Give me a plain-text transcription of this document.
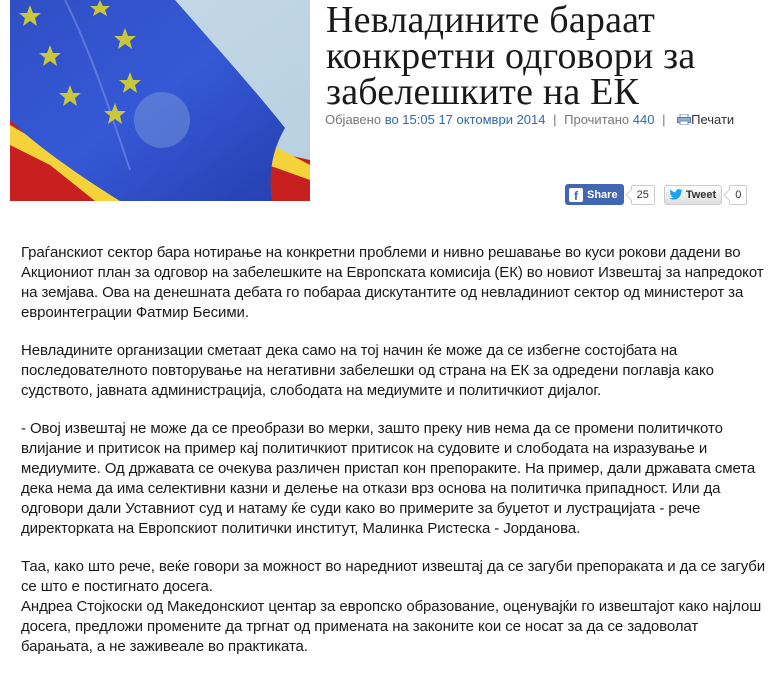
Невладините бараат конкретни одговори за забелешките на ЕК
Објавено во 15:05 17 октомври 2014 | Прочитано 440 | Печати
f Share	25	Tweet	0

Граѓанскиот сектор бара нотирање на конкретни проблеми и нивно решавање во куси рокови дадени во Акциониот план за одговор на забелешките на Европската комисија (ЕК) во новиот Извештај за напредокот на земјава. Ова на денешната дебата го побараа дискутантите од невладиниот сектор од министерот за евроинтеграции Фатмир Бесими.

Невладините организации сметаат дека само на тој начин ќе може да се избегне состојбата на последователното повторување на негативни забелешки од страна на ЕК за одредени поглавја како судството, јавната администрација, слободата на медиумите и политичкиот дијалог.

- Овој извештај не може да се преобрази во мерки, зашто преку нив нема да се промени политичкото влијание и притисок на пример кај политичкиот притисок на судовите и слободата на изразување и медиумите. Од државата се очекува различен пристап кон препораките. На пример, дали државата смета дека нема да има селективни казни и делење на откази врз основа на политичка припадност. Или да одговори дали Уставниот суд и натаму ќе суди како во примерите за буџетот и лустрацијата - рече директорката на Европскиот политички институт, Малинка Ристеска - Јорданова.

Таа, како што рече, веќе говори за можност во наредниот извештај да се загуби препораката и да се загуби се што е постигнато досега.
Андреа Стојкоски од Македонскиот центар за европско образование, оценувајќи го извештајот како најлош досега, предложи промените да тргнат од примената на законите кои се носат за да се задоволат барањата, а не заживеале во практиката.
